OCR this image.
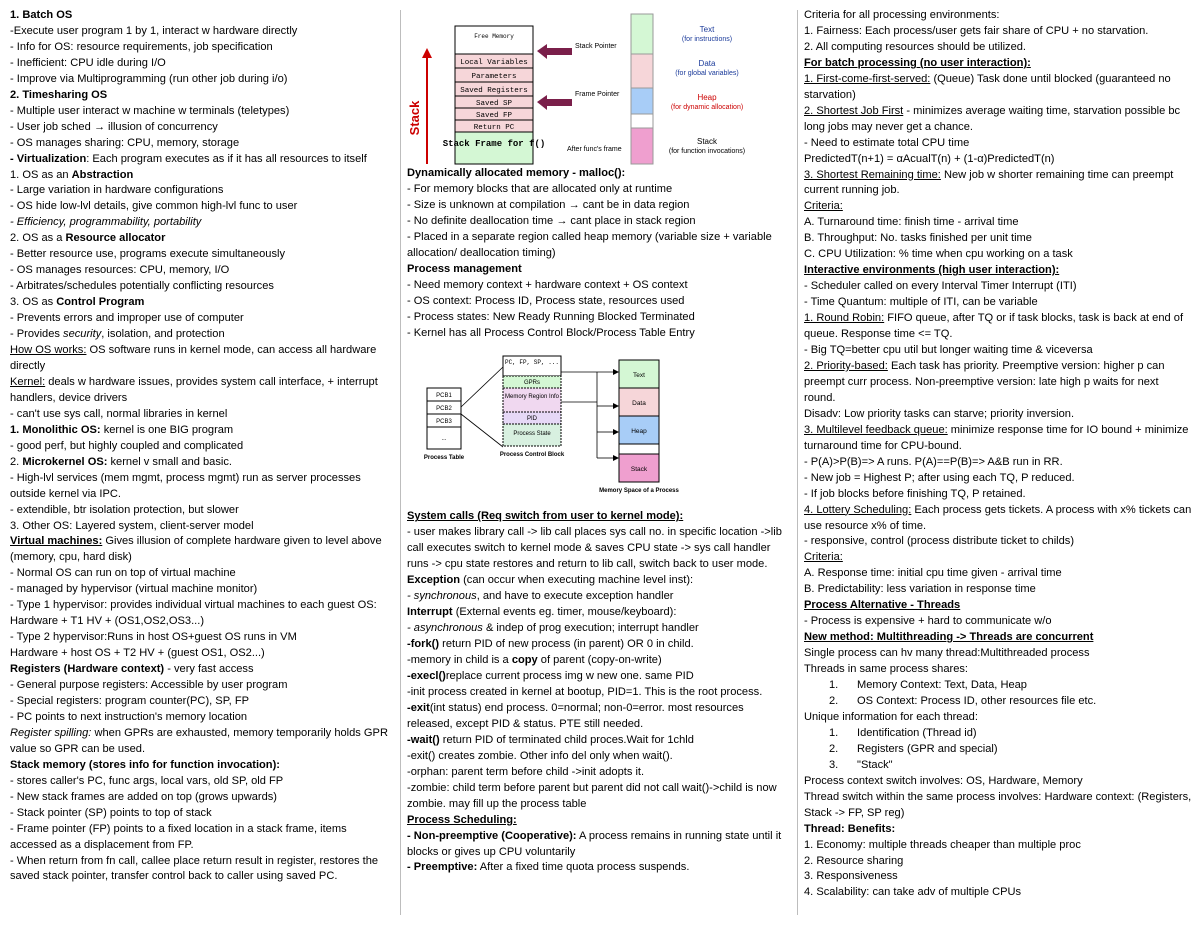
1. Batch OS
-Execute user program 1 by 1, interact w hardware directly
- Info for OS: resource requirements, job specification
- Inefficient: CPU idle during I/O
- Improve via Multiprogramming (run other job during i/o)
2. Timesharing OS
- Multiple user interact w machine w terminals (teletypes)
- User job sched → illusion of concurrency
- OS manages sharing: CPU, memory, storage
- Virtualization: Each program executes as if it has all resources to itself
1. OS as an Abstraction
- Large variation in hardware configurations
- OS hide low-lvl details, give common high-lvl func to user
- Efficiency, programmability, portability
2. OS as a Resource allocator
- Better resource use, programs execute simultaneously
- OS manages resources: CPU, memory, I/O
- Arbitrates/schedules potentially conflicting resources
3. OS as Control Program
- Prevents errors and improper use of computer
- Provides security, isolation, and protection
How OS works: OS software runs in kernel mode, can access all hardware directly
Kernel: deals w hardware issues, provides system call interface, + interrupt handlers, device drivers
- can't use sys call, normal libraries in kernel
1. Monolithic OS: kernel is one BIG program
- good perf, but highly coupled and complicated
2. Microkernel OS: kernel v small and basic.
- High-lvl services (mem mgmt, process mgmt) run as server processes outside kernel via IPC.
- extendible, btr isolation protection, but slower
3. Other OS: Layered system, client-server model
Virtual machines: Gives illusion of complete hardware given to level above (memory, cpu, hard disk)
- Normal OS can run on top of virtual machine
- managed by hypervisor (virtual machine monitor)
- Type 1 hypervisor: provides individual virtual machines to each guest OS: Hardware + T1 HV + (OS1,OS2,OS3...)
- Type 2 hypervisor:Runs in host OS+guest OS runs in VM
Hardware + host OS + T2 HV + (guest OS1, OS2...)
Registers (Hardware context) - very fast access
- General purpose registers: Accessible by user program
- Special registers: program counter(PC), SP, FP
- PC points to next instruction's memory location
Register spilling: when GPRs are exhausted, memory temporarily holds GPR value so GPR can be used.
Stack memory (stores info for function invocation):
- stores caller's PC, func args, local vars, old SP, old FP
- New stack frames are added on top (grows upwards)
- Stack pointer (SP) points to top of stack
- Frame pointer (FP) points to a fixed location in a stack frame, items accessed as a displacement from FP.
- When return from fn call, callee place return result in register, restores the saved stack pointer, transfer control back to caller using saved PC.
Free Memory
Local Variables
Parameters
Saved Registers
Saved SP
Saved FP
Return PC
Stack Frame for f()
Stack
Stack Pointer
Frame Pointer
After func's frame
Text
(for instructions)
Data
(for global variables)
Heap
(for dynamic allocation)
Stack
(for function invocations)
Dynamically allocated memory - malloc():
- For memory blocks that are allocated only at runtime
- Size is unknown at compilation → cant be in data region
- No definite deallocation time → cant place in stack region
- Placed in a separate region called heap memory (variable size + variable allocation/ deallocation timing)
Process management
- Need memory context + hardware context + OS context
- OS context: Process ID, Process state, resources used
- Process states: New Ready Running Blocked Terminated
- Kernel has all Process Control Block/Process Table Entry
System calls (Req switch from user to kernel mode):
- user makes library call -> lib call places sys call no. in specific location ->lib call executes switch to kernel mode & saves CPU state -> sys call handler runs -> cpu state restores and return to lib call, switch back to user mode.
Exception (can occur when executing machine level inst):
- synchronous, and have to execute exception handler
Interrupt (External events eg. timer, mouse/keyboard):
- asynchronous & indep of prog execution; interrupt handler
-fork() return PID of new process (in parent) OR 0 in child.
-memory in child is a copy of parent (copy-on-write)
-execl()replace current process img w new one. same PID
-init process created in kernel at bootup, PID=1. This is the root process.
-exit(int status) end process. 0=normal; non-0=error. most resources released, except PID & status. PTE still needed.
-wait() return PID of terminated child proces.Wait for 1chld
-exit() creates zombie. Other info del only when wait().
-orphan: parent term before child ->init adopts it.
-zombie: child term before parent but parent did not call wait()->child is now zombie. may fill up the process table
Process Scheduling:
- Non-preemptive (Cooperative): A process remains in running state until it blocks or gives up CPU voluntarily
- Preemptive: After a fixed time quota process suspends.
PCB1
PCB2
PCB3
...
Process Table
PC, FP, SP, ...
GPRs
Memory Region Info
PID
Process State
Process Control Block
Text
Data
Heap
Stack
Memory Space of a Process
Criteria for all processing environments:
1. Fairness: Each process/user gets fair share of CPU + no starvation.
2. All computing resources should be utilized.
For batch processing (no user interaction):
1. First-come-first-served: (Queue) Task done until blocked (guaranteed no starvation)
2. Shortest Job First - minimizes average waiting time, starvation possible bc long jobs may never get a chance.
- Need to estimate total CPU time
PredictedT(n+1) = αAcualT(n) + (1-α)PredictedT(n)
3. Shortest Remaining time: New job w shorter remaining time can preempt current running job.
Criteria:
A. Turnaround time: finish time - arrival time
B. Throughput: No. tasks finished per unit time
C. CPU Utilization: % time when cpu working on a task
Interactive environments (high user interaction):
- Scheduler called on every Interval Timer Interrupt (ITI)
- Time Quantum: multiple of ITI, can be variable
1. Round Robin: FIFO queue, after TQ or if task blocks, task is back at end of queue. Response time <= TQ.
- Big TQ=better cpu util but longer waiting time & viceversa
2. Priority-based: Each task has priority. Preemptive version: higher p can preempt curr process. Non-preemptive version: late high p waits for next round.
Disadv: Low priority tasks can starve; priority inversion.
3. Multilevel feedback queue: minimize response time for IO bound + minimize turnaround time for CPU-bound.
- P(A)>P(B)=> A runs. P(A)==P(B)=> A&B run in RR.
- New job = Highest P; after using each TQ, P reduced.
- If job blocks before finishing TQ, P retained.
4. Lottery Scheduling: Each process gets tickets. A process with x% tickets can use resource x% of time.
- responsive, control (process distribute ticket to childs)
Criteria:
A. Response time: initial cpu time given - arrival time
B. Predictability: less variation in response time
Process Alternative - Threads
- Process is expensive + hard to communicate w/o
New method: Multithreading -> Threads are concurrent
Single process can hv many thread:Multithreaded process
Threads in same process shares:
1. Memory Context: Text, Data, Heap
2. OS Context: Process ID, other resources file etc.
Unique information for each thread:
1. Identification (Thread id)
2. Registers (GPR and special)
3. "Stack"
Process context switch involves: OS, Hardware, Memory
Thread switch within the same process involves: Hardware context: (Registers, Stack -> FP, SP reg)
Thread: Benefits:
1. Economy: multiple threads cheaper than multiple proc
2. Resource sharing
3. Responsiveness
4. Scalability: can take adv of multiple CPUs
